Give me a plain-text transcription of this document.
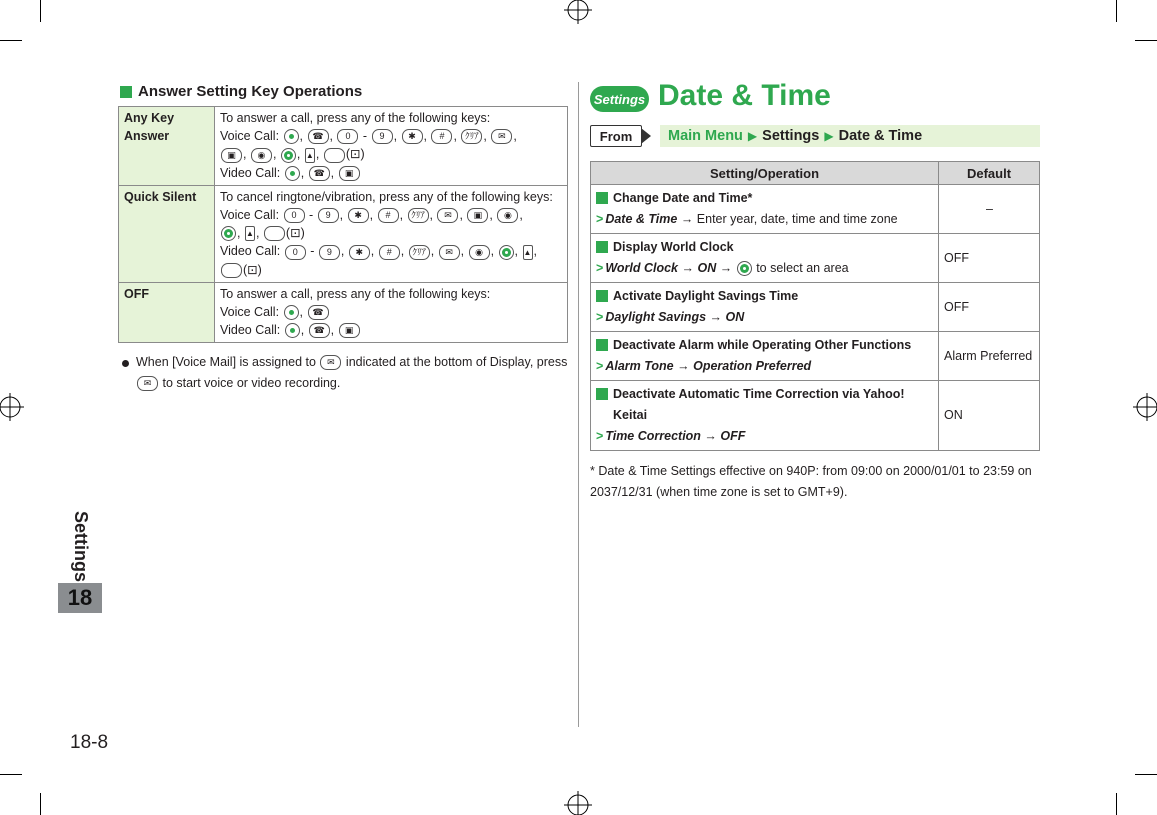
Settings
18
18-8
Answer Setting Key Operations
Any Key Answer	To answer a call, press any of the following keys:
Voice Call: , ☎ , 0 - 9 , ✱ , # , ｸﾘｱ , ✉ ,
▣ , ◉ , , ▲ ,  (⊡)
Video Call: , ☎ , ▣

Quick Silent	To cancel ringtone/vibration, press any of the following keys:
Voice Call: 0 - 9 , ✱ , # , ｸﾘｱ , ✉ , ▣ , ◉ ,
, ▲ ,  (⊡)
Video Call: 0 - 9 , ✱ , # , ｸﾘｱ , ✉ , ◉ , , ▲ ,
(⊡)

OFF	To answer a call, press any of the following keys:
Voice Call: , ☎
Video Call: , ☎ , ▣
When [Voice Mail] is assigned to ✉ indicated at the bottom of Display, press ✉ to start voice or video recording.
Settings Date & Time
From	Main Menu ▶ Settings ▶ Date & Time
Setting/Operation	Default

Change Date and Time*
> Date & Time → Enter year, date, time and time zone	–

Display World Clock
> World Clock → ON → to select an area	OFF

Activate Daylight Savings Time
> Daylight Savings → ON	OFF

Deactivate Alarm while Operating Other Functions
> Alarm Tone → Operation Preferred	Alarm Preferred

Deactivate Automatic Time Correction via Yahoo! Keitai
> Time Correction → OFF	ON
* Date & Time Settings effective on 940P: from 09:00 on 2000/01/01 to 23:59 on 2037/12/31 (when time zone is set to GMT+9).
